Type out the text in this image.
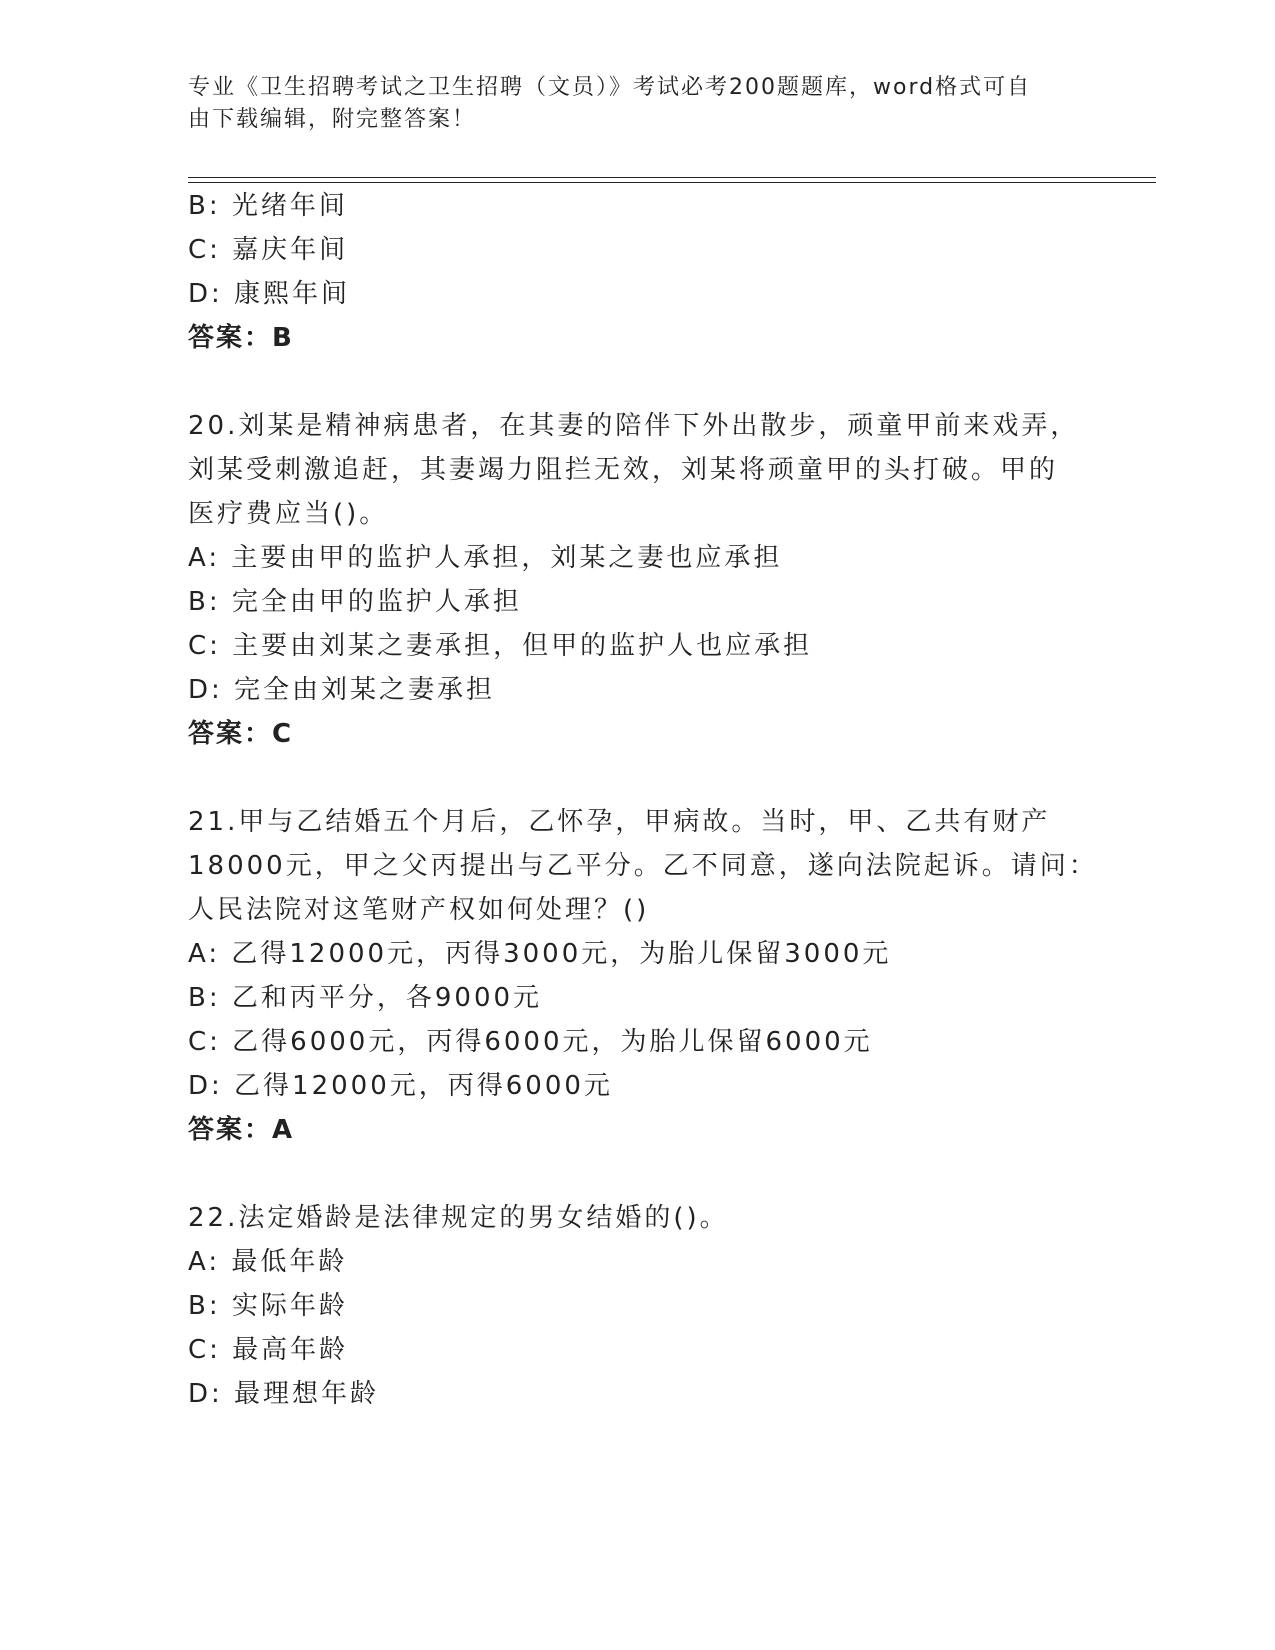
专业《卫生招聘考试之卫生招聘（文员）》考试必考200题题库，word格式可自
由下载编辑，附完整答案！
B: 光绪年间
C: 嘉庆年间
D: 康熙年间
答案：B
20.刘某是精神病患者，在其妻的陪伴下外出散步，顽童甲前来戏弄，
刘某受刺激追赶，其妻竭力阻拦无效，刘某将顽童甲的头打破。甲的
医疗费应当()。
A: 主要由甲的监护人承担，刘某之妻也应承担
B: 完全由甲的监护人承担
C: 主要由刘某之妻承担，但甲的监护人也应承担
D: 完全由刘某之妻承担
答案：C
21.甲与乙结婚五个月后，乙怀孕，甲病故。当时，甲、乙共有财产
18000元，甲之父丙提出与乙平分。乙不同意，遂向法院起诉。请问：
人民法院对这笔财产权如何处理？()
A: 乙得12000元，丙得3000元，为胎儿保留3000元
B: 乙和丙平分，各9000元
C: 乙得6000元，丙得6000元，为胎儿保留6000元
D: 乙得12000元，丙得6000元
答案：A
22.法定婚龄是法律规定的男女结婚的()。
A: 最低年龄
B: 实际年龄
C: 最高年龄
D: 最理想年龄
